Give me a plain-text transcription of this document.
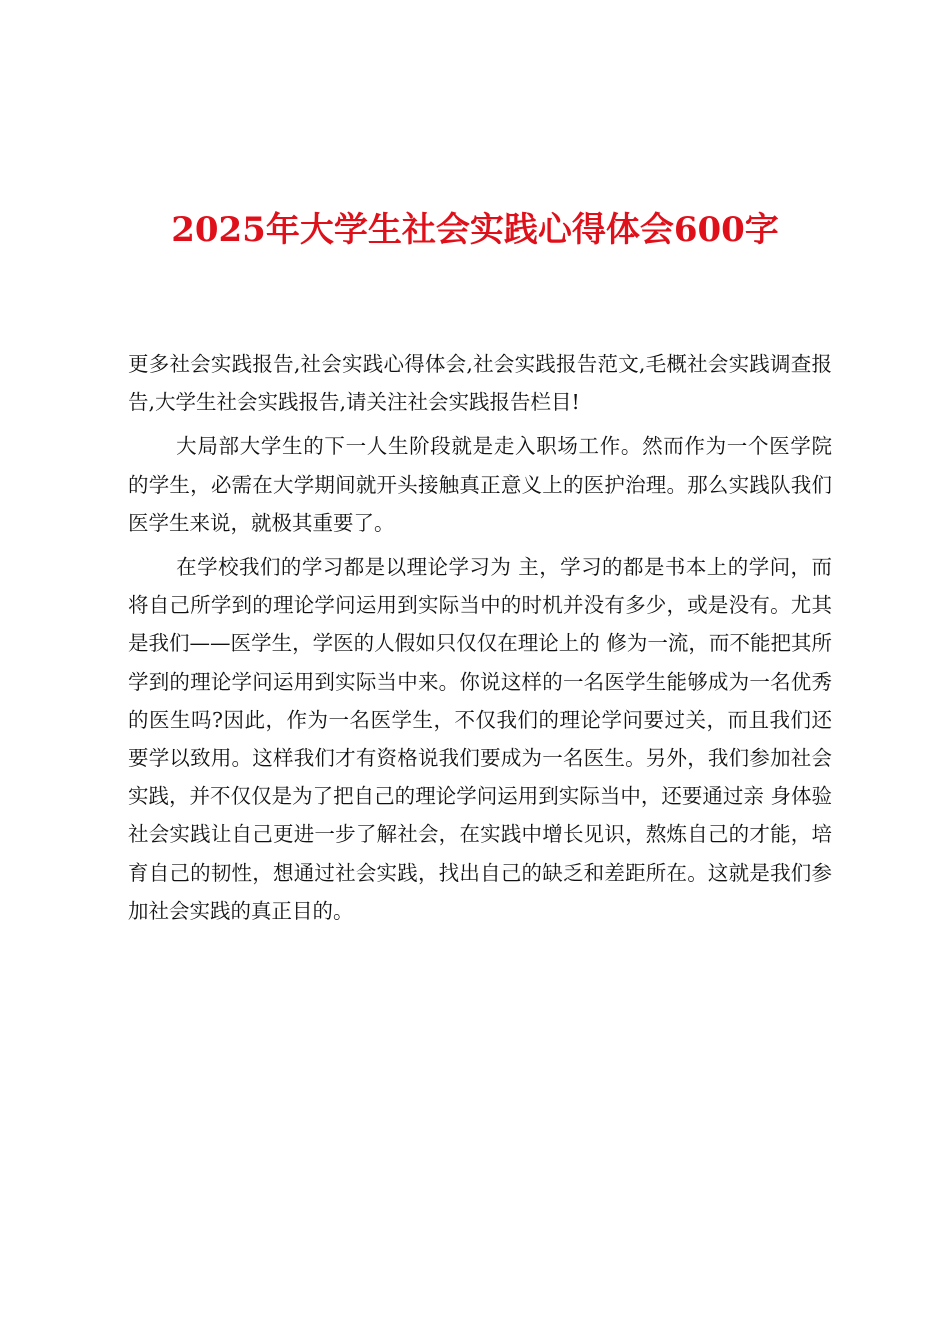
2025年大学生社会实践心得体会600字

更多社会实践报告,社会实践心得体会,社会实践报告范文,毛概社会实践调查报告,大学生社会实践报告,请关注社会实践报告栏目!

大局部大学生的下一人生阶段就是走入职场工作。然而作为一个医学院的学生，必需在大学期间就开头接触真正意义上的医护治理。那么实践队我们医学生来说，就极其重要了。

在学校我们的学习都是以理论学习为 主，学习的都是书本上的学问，而将自己所学到的理论学问运用到实际当中的时机并没有多少，或是没有。尤其是我们——医学生，学医的人假如只仅仅在理论上的 修为一流，而不能把其所学到的理论学问运用到实际当中来。你说这样的一名医学生能够成为一名优秀的医生吗?因此，作为一名医学生，不仅我们的理论学问要过关，而且我们还要学以致用。这样我们才有资格说我们要成为一名医生。另外，我们参加社会实践，并不仅仅是为了把自己的理论学问运用到实际当中，还要通过亲 身体验社会实践让自己更进一步了解社会，在实践中增长见识，熬炼自己的才能，培育自己的韧性，想通过社会实践，找出自己的缺乏和差距所在。这就是我们参加社会实践的真正目的。
